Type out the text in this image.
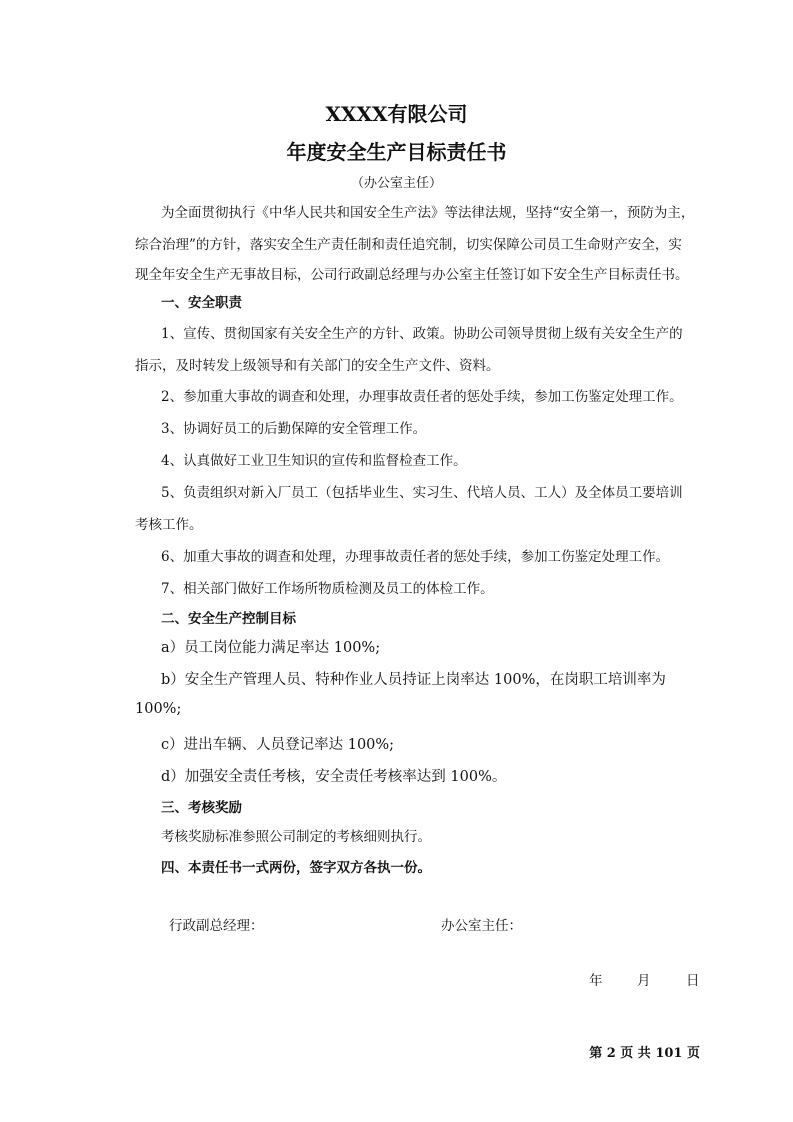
XXXX有限公司
年度安全生产目标责任书
（办公室主任）
为全面贯彻执行《中华人民共和国安全生产法》等法律法规，坚持“安全第一，预防为主，
综合治理”的方针，落实安全生产责任制和责任追究制，切实保障公司员工生命财产安全，实
现全年安全生产无事故目标，公司行政副总经理与办公室主任签订如下安全生产目标责任书。
一、安全职责
1、宣传、贯彻国家有关安全生产的方针、政策。协助公司领导贯彻上级有关安全生产的
指示，及时转发上级领导和有关部门的安全生产文件、资料。
2、参加重大事故的调查和处理，办理事故责任者的惩处手续，参加工伤鉴定处理工作。
3、协调好员工的后勤保障的安全管理工作。
4、认真做好工业卫生知识的宣传和监督检查工作。
5、负责组织对新入厂员工（包括毕业生、实习生、代培人员、工人）及全体员工要培训
考核工作。
6、加重大事故的调查和处理，办理事故责任者的惩处手续，参加工伤鉴定处理工作。
7、相关部门做好工作场所物质检测及员工的体检工作。
二、安全生产控制目标
a）员工岗位能力满足率达 100%;
b）安全生产管理人员、特种作业人员持证上岗率达 100%，在岗职工培训率为
100%;
c）进出车辆、人员登记率达 100%;
d）加强安全责任考核，安全责任考核率达到 100%。
三、考核奖励
考核奖励标准参照公司制定的考核细则执行。
四、本责任书一式两份，签字双方各执一份。
行政副总经理：	办公室主任：
年	月	日
第 2 页 共 101 页
